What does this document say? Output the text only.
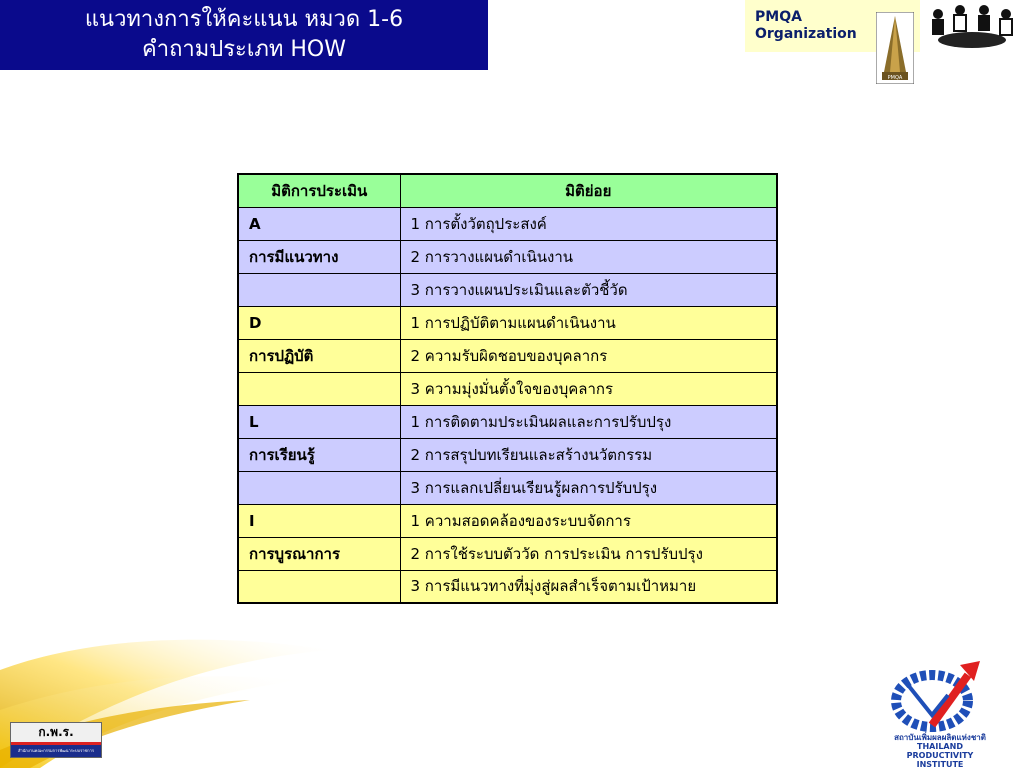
แนวทางการให้คะแนน หมวด 1-6
คำถามประเภท HOW
PMQA
Organization
PMQA
มิติการประเมิน	มิติย่อย
A	1 การตั้งวัตถุประสงค์
การมีแนวทาง	2 การวางแผนดำเนินงาน
	3 การวางแผนประเมินและตัวชี้วัด
D	1 การปฏิบัติตามแผนดำเนินงาน
การปฏิบัติ	2 ความรับผิดชอบของบุคลากร
	3 ความมุ่งมั่นตั้งใจของบุคลากร
L	1 การติดตามประเมินผลและการปรับปรุง
การเรียนรู้	2 การสรุปบทเรียนและสร้างนวัตกรรม
	3 การแลกเปลี่ยนเรียนรู้ผลการปรับปรุง
I	1 ความสอดคล้องของระบบจัดการ
การบูรณาการ	2 การใช้ระบบตัววัด การประเมิน การปรับปรุง
	3 การมีแนวทางที่มุ่งสู่ผลสำเร็จตามเป้าหมาย
ก.พ.ร.
สำนักงานคณะกรรมการพัฒนาระบบราชการ
สถาบันเพิ่มผลผลิตแห่งชาติ
THAILAND PRODUCTIVITY INSTITUTE
